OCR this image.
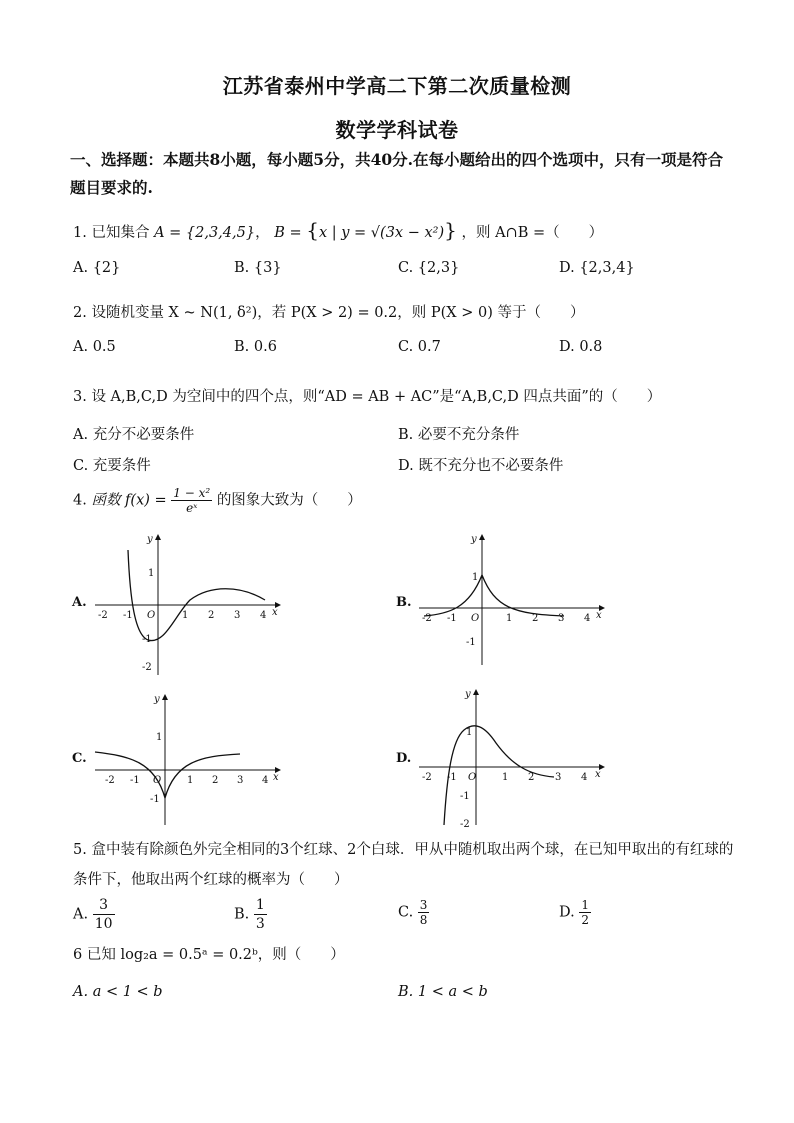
江苏省泰州中学高二下第二次质量检测
数学学科试卷
一、选择题：本题共8小题，每小题5分，共40分.在每小题给出的四个选项中，只有一项是符合题目要求的.
1. 已知集合 A = {2,3,4,5}， B = {x | y = √(3x − x²)} ，则 A∩B =（　　）
A. {2}	B. {3}	C. {2,3}	D. {2,3,4}
2. 设随机变量 X ~ N(1, δ²)，若 P(X > 2) = 0.2，则 P(X > 0) 等于（　　）
A. 0.5	B. 0.6	C. 0.7	D. 0.8
3. 设 A,B,C,D 为空间中的四个点，则“AD = AB + AC”是“A,B,C,D 四点共面”的（　　）
A. 充分不必要条件	B. 必要不充分条件
C. 充要条件	D. 既不充分也不必要条件
4. 函数 $f(x) = \frac{\text{1 − x²}}{\text{eˣ}}$ 的图象大致为（　　）
A.	B.
C.	D.
-2 -1 O	1 2 3 4 x
y
1
-1
-2
-2 -1 O	1 2 3 4 x
y
1
-1
-2 -1 O	1 2 3 4 x
y
1
-1
-2 -1 O	1 2 3 4 x
y
1
-1
-2
5. 盒中装有除颜色外完全相同的3个红球、2个白球．甲从中随机取出两个球，在已知甲取出的有红球的
条件下，他取出两个红球的概率为（　　）
A. $\frac{3}{10}$	B. $\frac{1}{3}$	C. $\frac{3}{8}$	D. $\frac{1}{2}$
6 已知 log₂a = 0.5ᵃ = 0.2ᵇ，则（　　）
A. a < 1 < b	B. 1 < a < b
